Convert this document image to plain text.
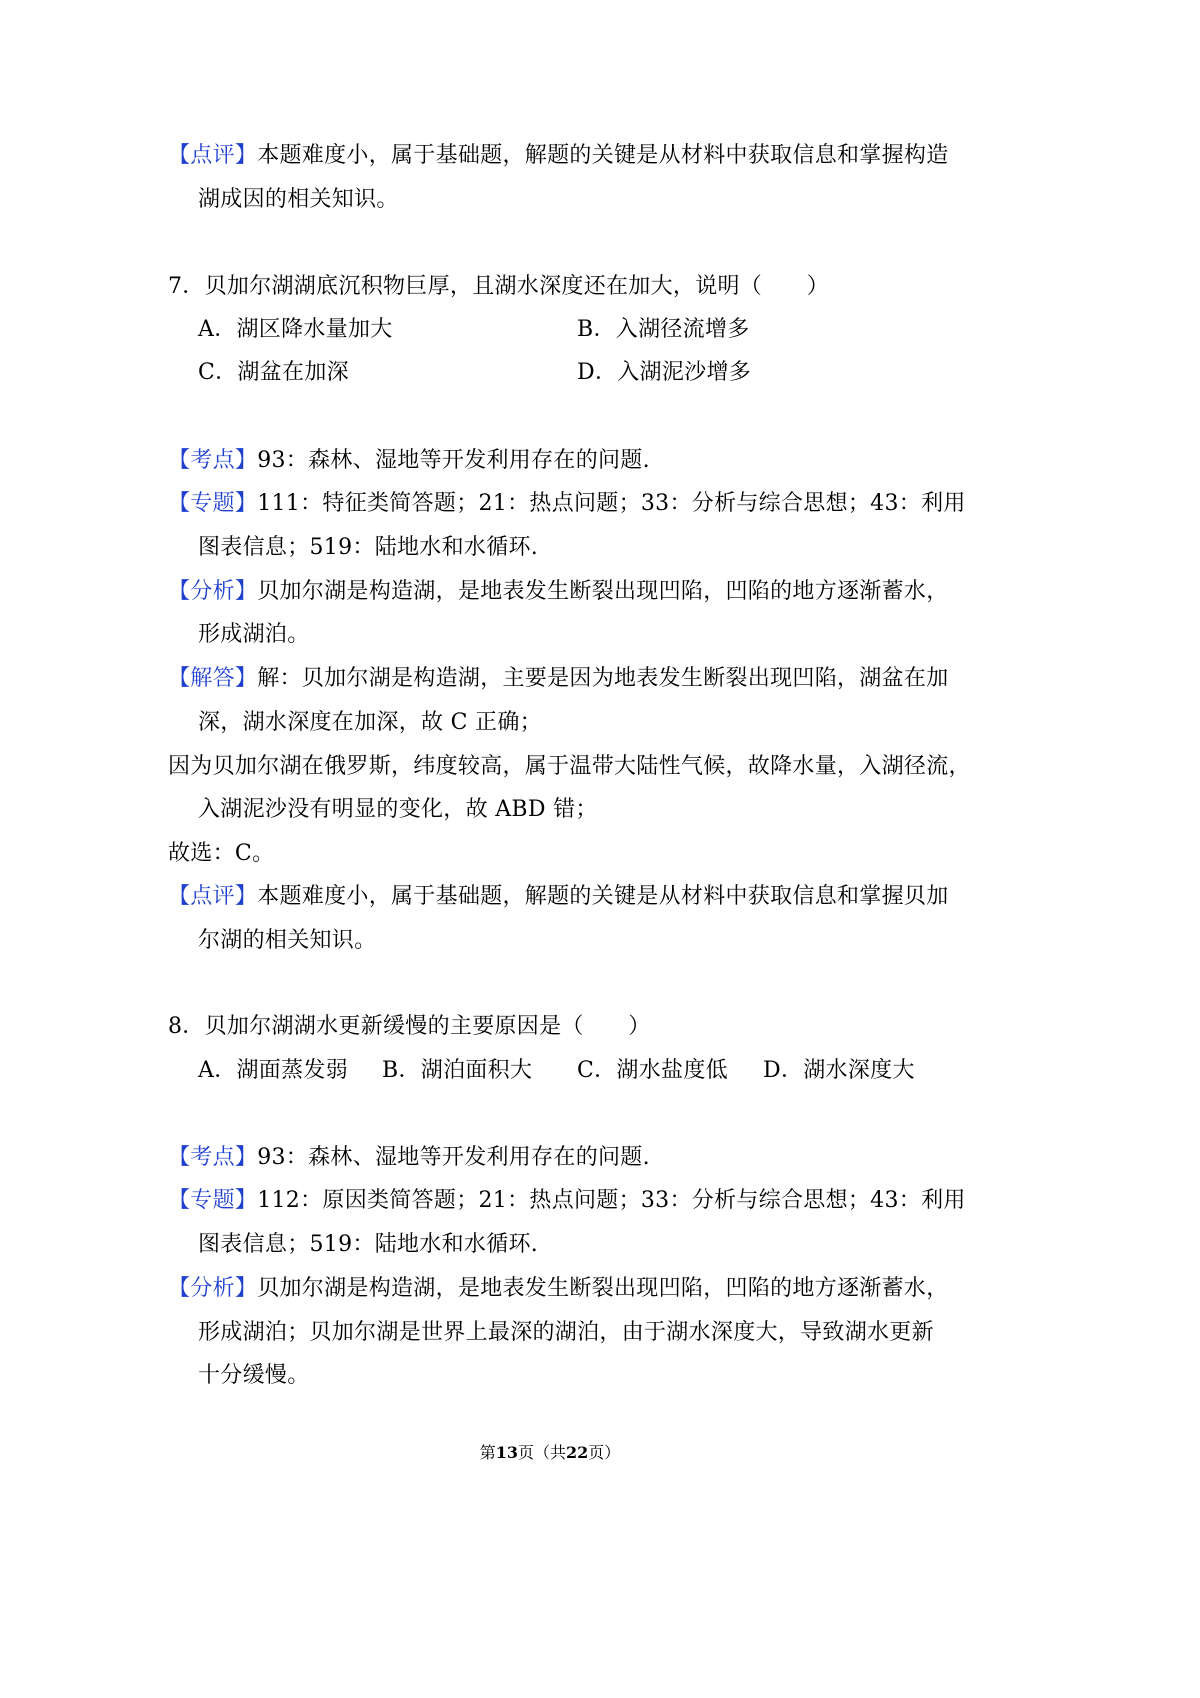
【点评】本题难度小，属于基础题，解题的关键是从材料中获取信息和掌握构造
湖成因的相关知识。
7．贝加尔湖湖底沉积物巨厚，且湖水深度还在加大，说明（　　）
A．湖区降水量加大	B．入湖径流增多
C．湖盆在加深	D．入湖泥沙增多
【考点】93：森林、湿地等开发利用存在的问题.
【专题】111：特征类简答题；21：热点问题；33：分析与综合思想；43：利用
图表信息；519：陆地水和水循环.
【分析】贝加尔湖是构造湖，是地表发生断裂出现凹陷，凹陷的地方逐渐蓄水，
形成湖泊。
【解答】解：贝加尔湖是构造湖，主要是因为地表发生断裂出现凹陷，湖盆在加
深，湖水深度在加深，故 C 正确；
因为贝加尔湖在俄罗斯，纬度较高，属于温带大陆性气候，故降水量，入湖径流，
入湖泥沙没有明显的变化，故 ABD 错；
故选：C。
【点评】本题难度小，属于基础题，解题的关键是从材料中获取信息和掌握贝加
尔湖的相关知识。
8．贝加尔湖湖水更新缓慢的主要原因是（　　）
A．湖面蒸发弱 B．湖泊面积大 C．湖水盐度低 D．湖水深度大
【考点】93：森林、湿地等开发利用存在的问题.
【专题】112：原因类简答题；21：热点问题；33：分析与综合思想；43：利用
图表信息；519：陆地水和水循环.
【分析】贝加尔湖是构造湖，是地表发生断裂出现凹陷，凹陷的地方逐渐蓄水，
形成湖泊；贝加尔湖是世界上最深的湖泊，由于湖水深度大，导致湖水更新
十分缓慢。
第13页（共22页）
